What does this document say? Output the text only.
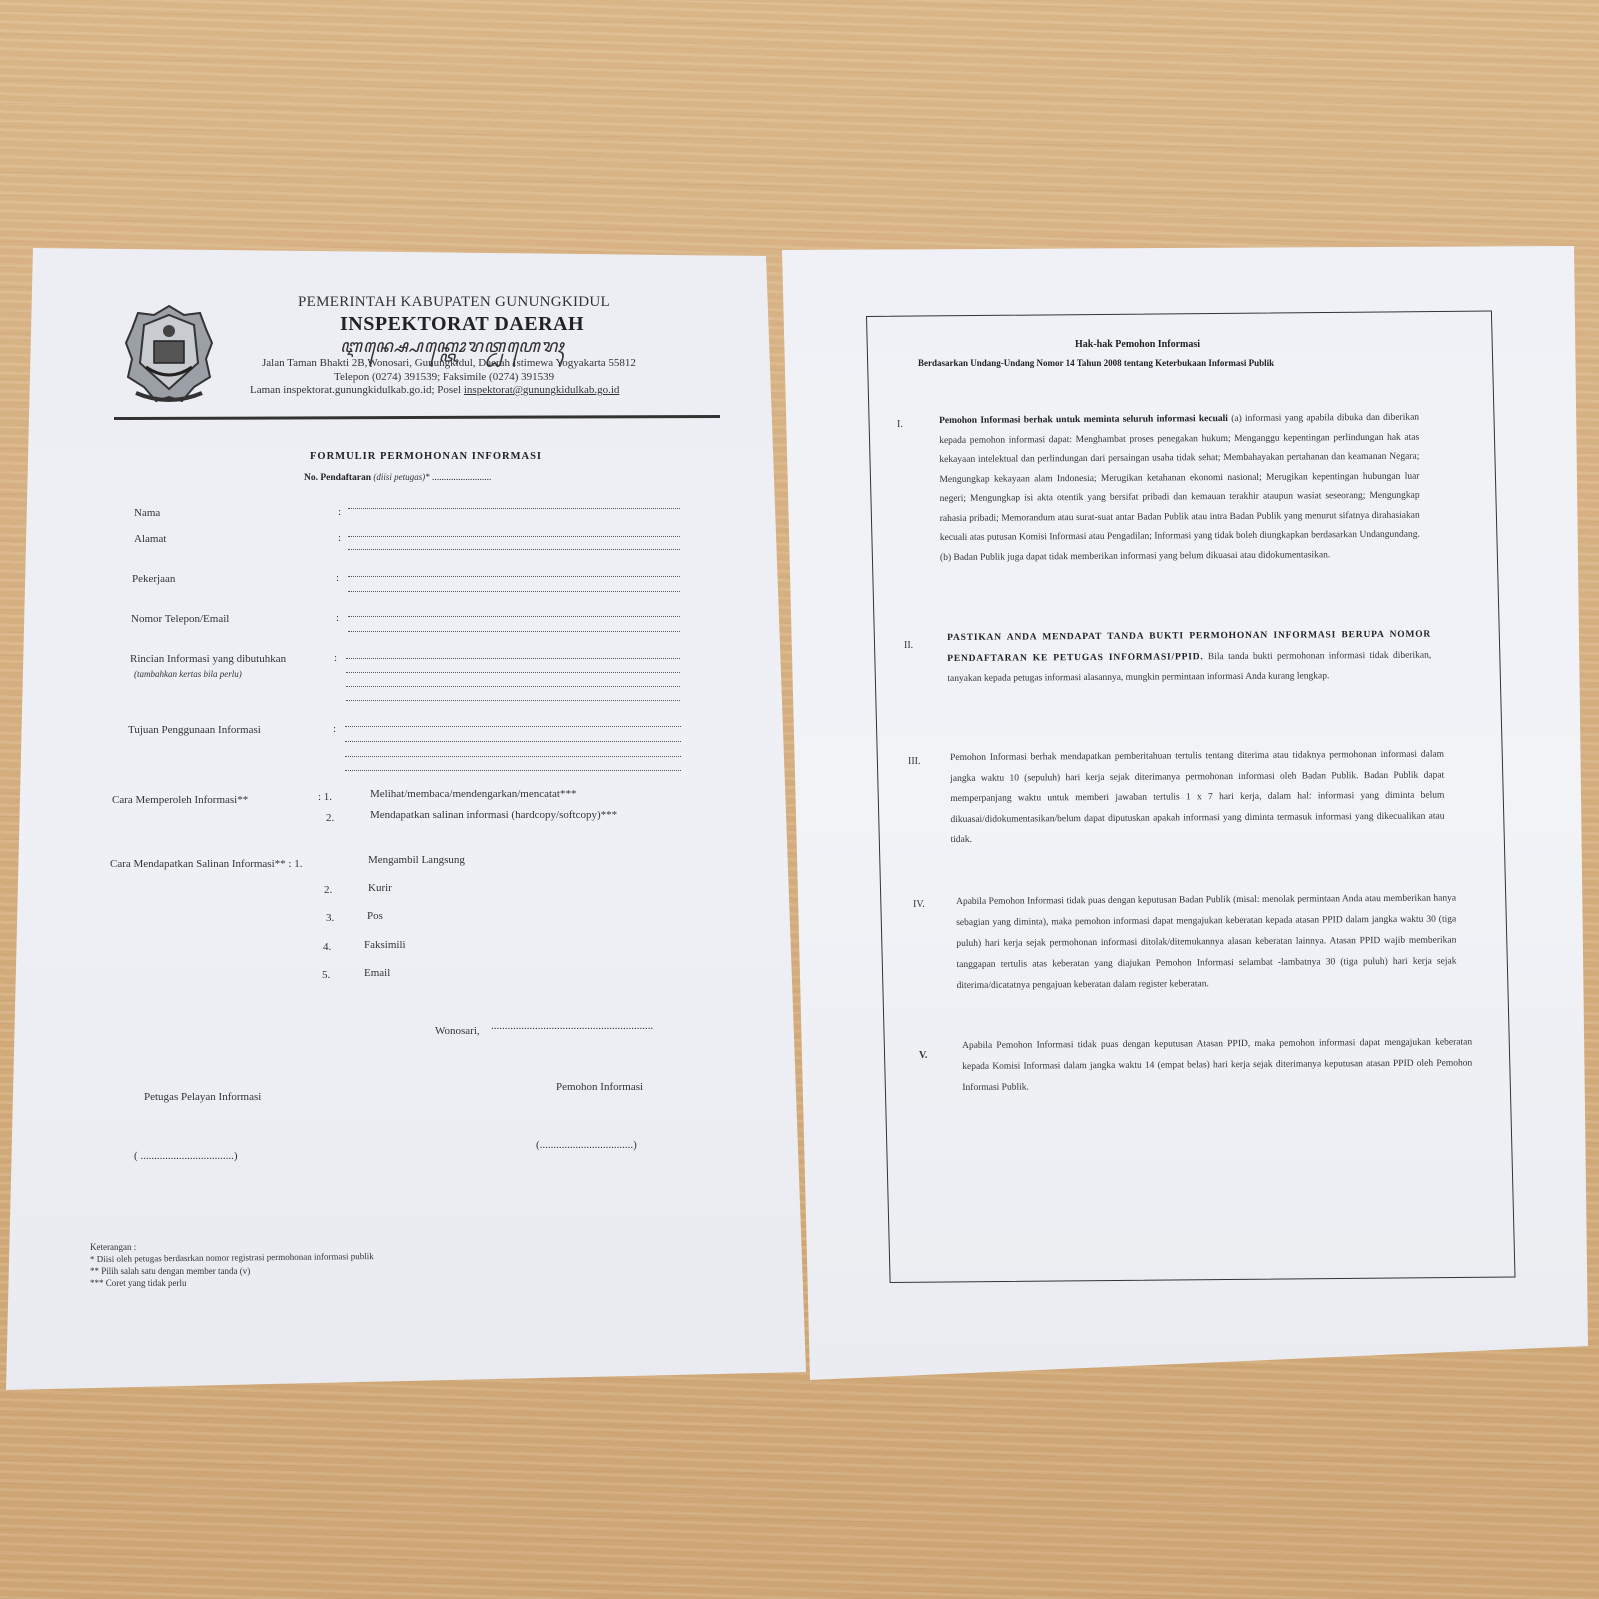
PEMERINTAH KABUPATEN GUNUNGKIDUL
INSPEKTORAT DAERAH
ꦆꦤ꧀ꦱ꧀ꦥꦺꦏ꧀ꦠꦺꦴꦫꦠ꧀ꦝꦲꦺꦫꦃ
Jalan Taman Bhakti 2B,Wonosari, Gunungkidul, Daerah Istimewa Yogyakarta 55812
Telepon (0274) 391539; Faksimile (0274) 391539
Laman inspektorat.gunungkidulkab.go.id; Posel inspektorat@gunungkidulkab.go.id
FORMULIR PERMOHONAN INFORMASI
No. Pendaftaran (diisi petugas)* .........................
Nama	:
Alamat	:
Pekerjaan	:
Nomor Telepon/Email	:
Rincian Informasi yang dibutuhkan
(tambahkan kertas bila perlu)
:
Tujuan Penggunaan Informasi	:
Cara Memperoleh Informasi**	: 1.	Melihat/membaca/mendengarkan/mencatat***
2.	Mendapatkan salinan informasi (hardcopy/softcopy)***
Cara Mendapatkan Salinan Informasi** : 1.	Mengambil Langsung
2.	Kurir
3.	Pos
4.	Faksimili
5.	Email
Wonosari, ...........................................................
Petugas Pelayan Informasi
Pemohon Informasi
( ..................................)
(..................................)
Keterangan :
* Diisi oleh petugas berdasrkan nomor registrasi permohonan informasi publik
** Pilih salah satu dengan member tanda (v)
*** Coret yang tidak perlu
Hak-hak Pemohon Informasi
Berdasarkan Undang-Undang Nomor 14 Tahun 2008 tentang Keterbukaan Informasi Publik
I.	Pemohon Informasi berhak untuk meminta seluruh informasi kecuali (a) informasi yang apabila dibuka dan diberikan kepada pemohon informasi dapat: Menghambat proses penegakan hukum; Menganggu kepentingan perlindungan hak atas kekayaan intelektual dan perlindungan dari persaingan usaha tidak sehat; Membahayakan pertahanan dan keamanan Negara; Mengungkap kekayaan alam Indonesia; Merugikan ketahanan ekonomi nasional; Merugikan kepentingan hubungan luar negeri; Mengungkap isi akta otentik yang bersifat pribadi dan kemauan terakhir ataupun wasiat seseorang; Mengungkap rahasia pribadi; Memorandum atau surat-suat antar Badan Publik atau intra Badan Publik yang menurut sifatnya dirahasiakan kecuali atas putusan Komisi Informasi atau Pengadilan; Informasi yang tidak boleh diungkapkan berdasarkan Undangundang. (b) Badan Publik juga dapat tidak memberikan informasi yang belum dikuasai atau didokumentasikan.
II.
PASTIKAN ANDA MENDAPAT TANDA BUKTI PERMOHONAN INFORMASI BERUPA NOMOR PENDAFTARAN KE PETUGAS INFORMASI/PPID. Bila tanda bukti permohonan informasi tidak diberikan, tanyakan kepada petugas informasi alasannya, mungkin permintaan informasi Anda kurang lengkap.
III.	Pemohon Informasi berhak mendapatkan pemberitahuan tertulis tentang diterima atau tidaknya permohonan informasi dalam jangka waktu 10 (sepuluh) hari kerja sejak diterimanya permohonan informasi oleh Badan Publik. Badan Publik dapat memperpanjang waktu untuk memberi jawaban tertulis 1 x 7 hari kerja, dalam hal: informasi yang diminta belum dikuasai/didokumentasikan/belum dapat diputuskan apakah informasi yang diminta termasuk informasi yang dikecualikan atau tidak.
IV.	Apabila Pemohon Informasi tidak puas dengan keputusan Badan Publik (misal: menolak permintaan Anda atau memberikan hanya sebagian yang diminta), maka pemohon informasi dapat mengajukan keberatan kepada atasan PPID dalam jangka waktu 30 (tiga puluh) hari kerja sejak permohonan informasi ditolak/ditemukannya alasan keberatan lainnya. Atasan PPID wajib memberikan tanggapan tertulis atas keberatan yang diajukan Pemohon Informasi selambat -lambatnya 30 (tiga puluh) hari kerja sejak diterima/dicatatnya pengajuan keberatan dalam register keberatan.
V.
Apabila Pemohon Informasi tidak puas dengan keputusan Atasan PPID, maka pemohon informasi dapat mengajukan keberatan kepada Komisi Informasi dalam jangka waktu 14 (empat belas) hari kerja sejak diterimanya keputusan atasan PPID oleh Pemohon Informasi Publik.
